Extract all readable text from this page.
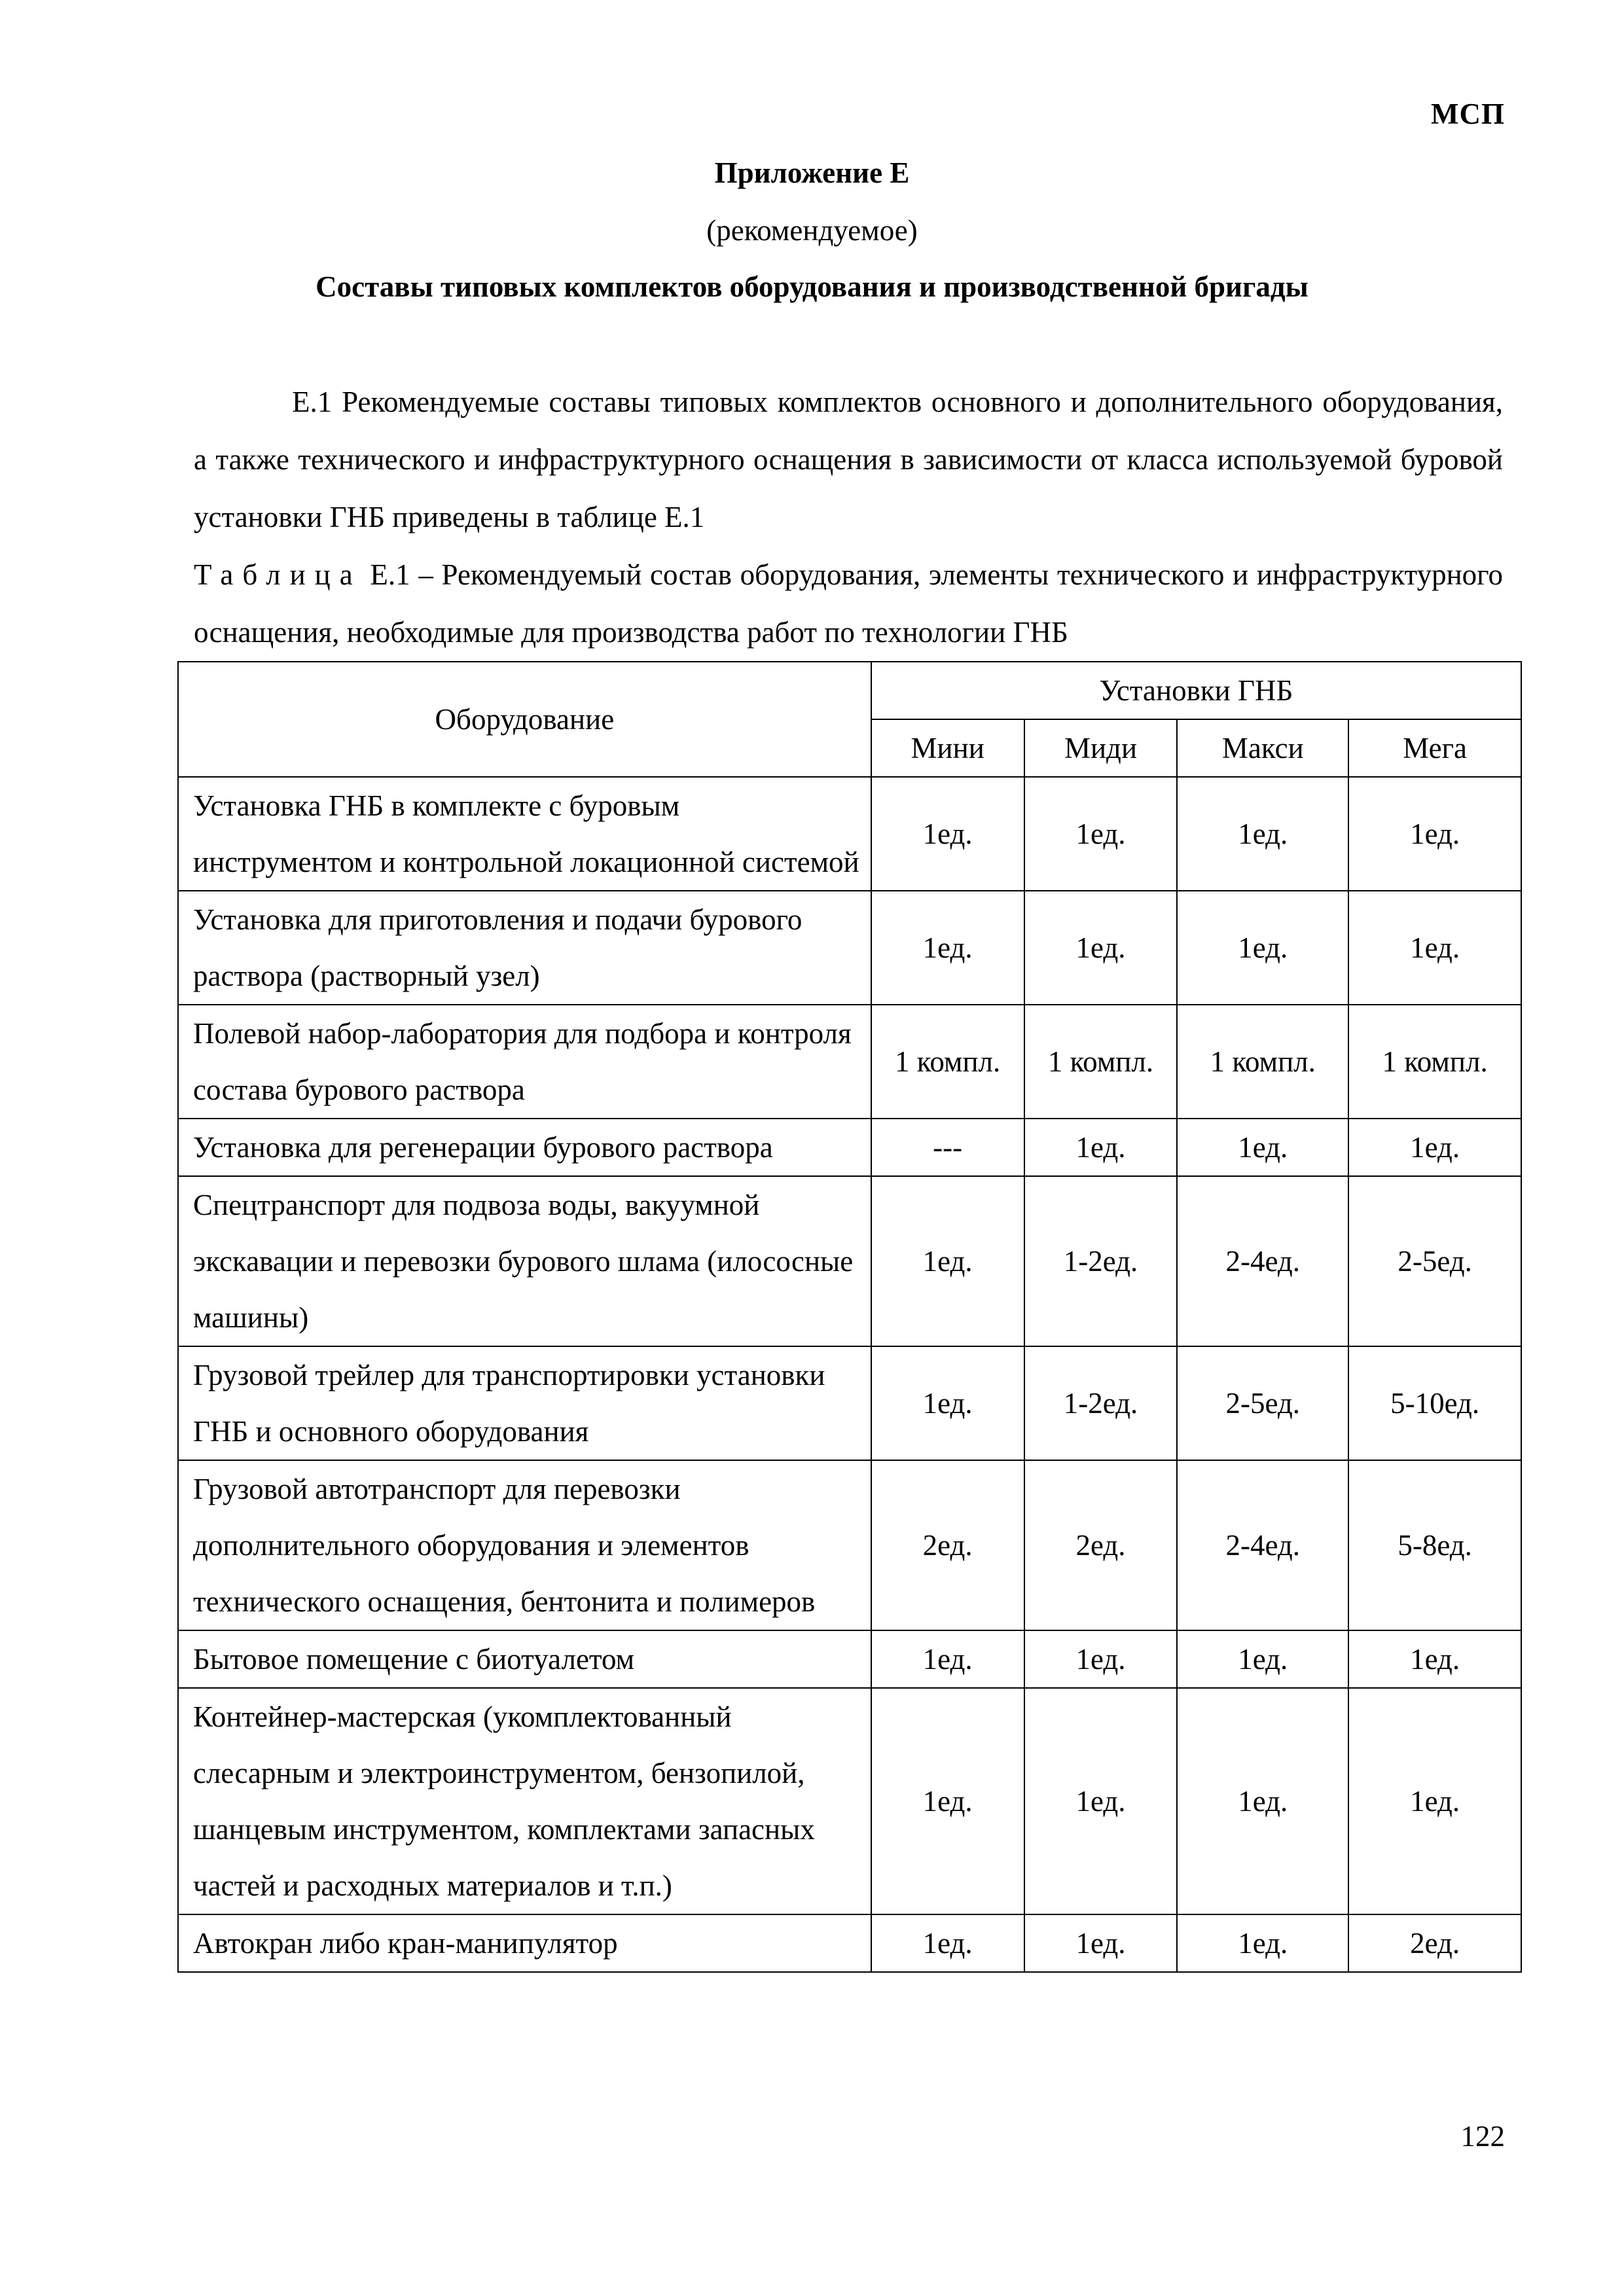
МСП
Приложение Е
(рекомендуемое)
Составы типовых комплектов оборудования и производственной бригады
Е.1 Рекомендуемые составы типовых комплектов основного и дополнительного оборудования, а также технического и инфраструктурного оснащения в зависимости от класса используемой буровой установки ГНБ приведены в таблице Е.1
Таблица Е.1 – Рекомендуемый состав оборудования, элементы технического и инфраструктурного оснащения, необходимые для производства работ по технологии ГНБ
Оборудование	Установки ГНБ			
	Мини	Миди	Макси	Мега
Установка ГНБ в комплекте с буровым инструментом и контрольной локационной системой	1ед.	1ед.	1ед.	1ед.
Установка для приготовления и подачи бурового раствора (растворный узел)	1ед.	1ед.	1ед.	1ед.
Полевой набор-лаборатория для подбора и контроля состава бурового раствора	1 компл.	1 компл.	1 компл.	1 компл.
Установка для регенерации бурового раствора	---	1ед.	1ед.	1ед.
Спецтранспорт для подвоза воды, вакуумной экскавации и перевозки бурового шлама (илососные машины)	1ед.	1-2ед.	2-4ед.	2-5ед.
Грузовой трейлер для транспортировки установки ГНБ и основного оборудования	1ед.	1-2ед.	2-5ед.	5-10ед.
Грузовой автотранспорт для перевозки дополнительного оборудования и элементов технического оснащения, бентонита и полимеров	2ед.	2ед.	2-4ед.	5-8ед.
Бытовое помещение с биотуалетом	1ед.	1ед.	1ед.	1ед.
Контейнер-мастерская (укомплектованный слесарным и электроинструментом, бензопилой, шанцевым инструментом, комплектами запасных частей и расходных материалов и т.п.)	1ед.	1ед.	1ед.	1ед.
Автокран либо кран-манипулятор	1ед.	1ед.	1ед.	2ед.
122
